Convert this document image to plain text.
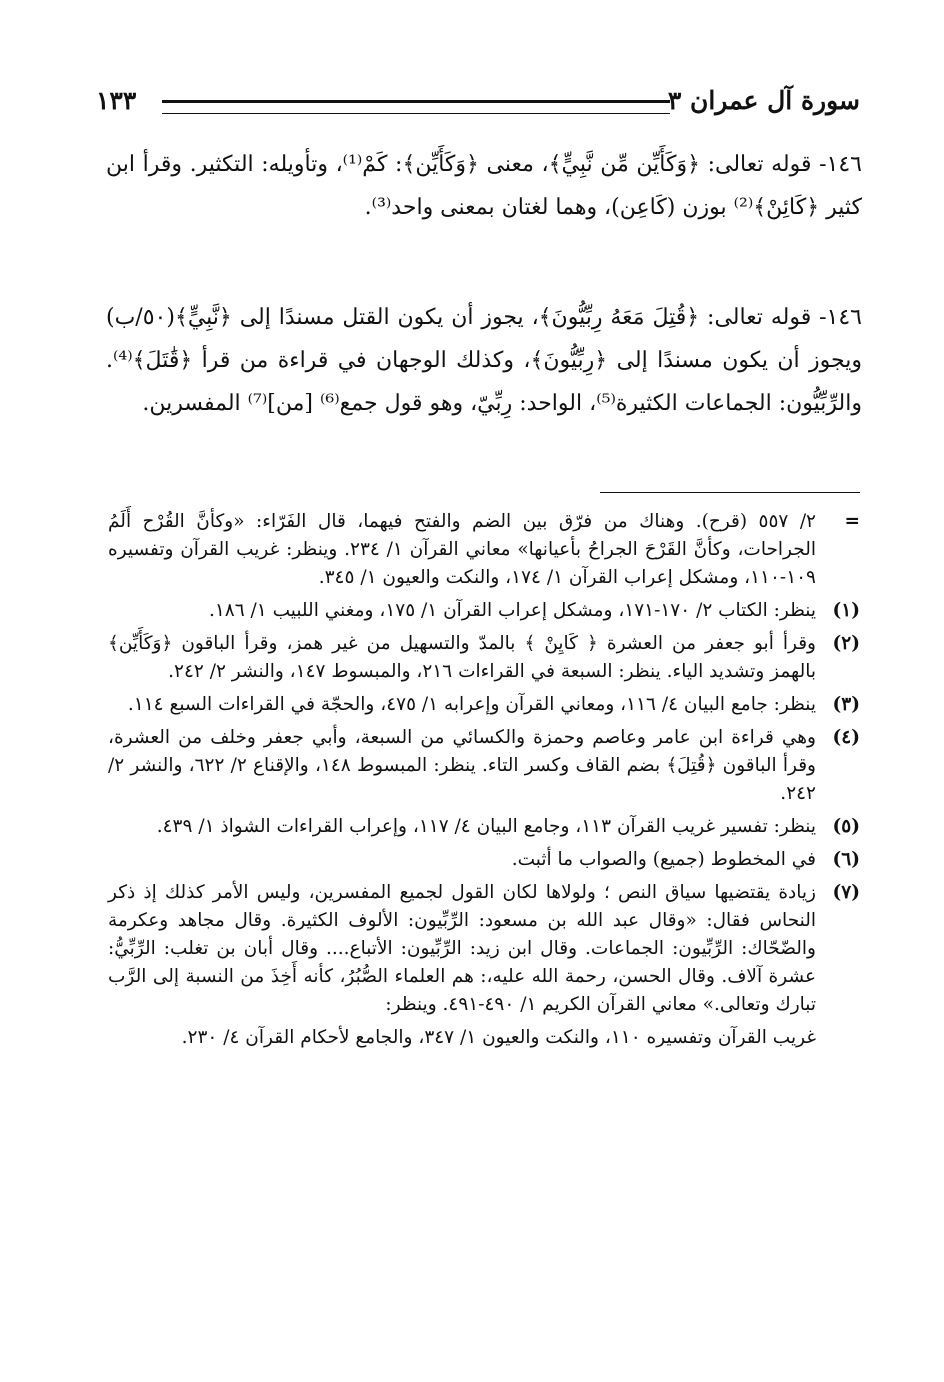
سورة آل عمران ٣
١٣٣
١٤٦- قوله تعالى: ﴿وَكَأَيِّن مِّن نَّبِيٍّ﴾، معنى ﴿وَكَأَيِّن﴾: كَمْ⁽¹⁾، وتأويله: التكثير. وقرأ ابن كثير ﴿كَائِنْ﴾⁽²⁾ بوزن (كَاعِن)، وهما لغتان بمعنى واحد⁽³⁾.
١٤٦- قوله تعالى: ﴿قُتِلَ مَعَهُ رِبِّيُّونَ﴾، يجوز أن يكون القتل مسندًا إلى ﴿نَّبِيٍّ﴾(٥٠/ب) ويجوز أن يكون مسندًا إلى ﴿رِبِّيُّونَ﴾، وكذلك الوجهان في قراءة من قرأ ﴿قَٰتَلَ﴾⁽⁴⁾. والرِّبِّيُّون: الجماعات الكثيرة⁽⁵⁾، الواحد: رِبِّيّ، وهو قول جمع⁽⁶⁾ [من]⁽⁷⁾ المفسرين.
=
٢/ ٥٥٧ (قرح). وهناك من فرّق بين الضم والفتح فيهما، قال الفَرّاء: «وكأنَّ القُرْح أَلَمُ الجراحات، وكأنَّ القَرْحَ الجراحُ بأعيانها» معاني القرآن ١/ ٢٣٤. وينظر: غريب القرآن وتفسيره ١٠٩-١١٠، ومشكل إعراب القرآن ١/ ١٧٤، والنكت والعيون ١/ ٣٤٥.
(١)
ينظر: الكتاب ٢/ ١٧٠-١٧١، ومشكل إعراب القرآن ١/ ١٧٥، ومغني اللبيب ١/ ١٨٦.
(٢)
وقرأ أبو جعفر من العشرة ﴿ كَايِنْ ﴾ بالمدّ والتسهيل من غير همز، وقرأ الباقون ﴿وَكَأَيِّن﴾ بالهمز وتشديد الياء. ينظر: السبعة في القراءات ٢١٦، والمبسوط ١٤٧، والنشر ٢/ ٢٤٢.
(٣)
ينظر: جامع البيان ٤/ ١١٦، ومعاني القرآن وإعرابه ١/ ٤٧٥، والحجّة في القراءات السبع ١١٤.
(٤)
وهي قراءة ابن عامر وعاصم وحمزة والكسائي من السبعة، وأبي جعفر وخلف من العشرة، وقرأ الباقون ﴿قُتِلَ﴾ بضم القاف وكسر التاء. ينظر: المبسوط ١٤٨، والإقناع ٢/ ٦٢٢، والنشر ٢/ ٢٤٢.
(٥)
ينظر: تفسير غريب القرآن ١١٣، وجامع البيان ٤/ ١١٧، وإعراب القراءات الشواذ ١/ ٤٣٩.
(٦)
في المخطوط (جميع) والصواب ما أثبت.
(٧)
زيادة يقتضيها سياق النص ؛ ولولاها لكان القول لجميع المفسرين، وليس الأمر كذلك إذ ذكر النحاس فقال: «وقال عبد الله بن مسعود: الرِّبِّيون: الألوف الكثيرة. وقال مجاهد وعكرمة والضّحّاك: الرِّبِّيون: الجماعات. وقال ابن زيد: الرِّبِّيون: الأتباع.... وقال أبان بن تغلب: الرِّبِّيُّ: عشرة آلاف. وقال الحسن، رحمة الله عليه،: هم العلماء الصُّبُرُ، كأنه أَخِذَ من النسبة إلى الرَّب تبارك وتعالى.» معاني القرآن الكريم ١/ ٤٩٠-٤٩١. وينظر:
غريب القرآن وتفسيره ١١٠، والنكت والعيون ١/ ٣٤٧، والجامع لأحكام القرآن ٤/ ٢٣٠.
